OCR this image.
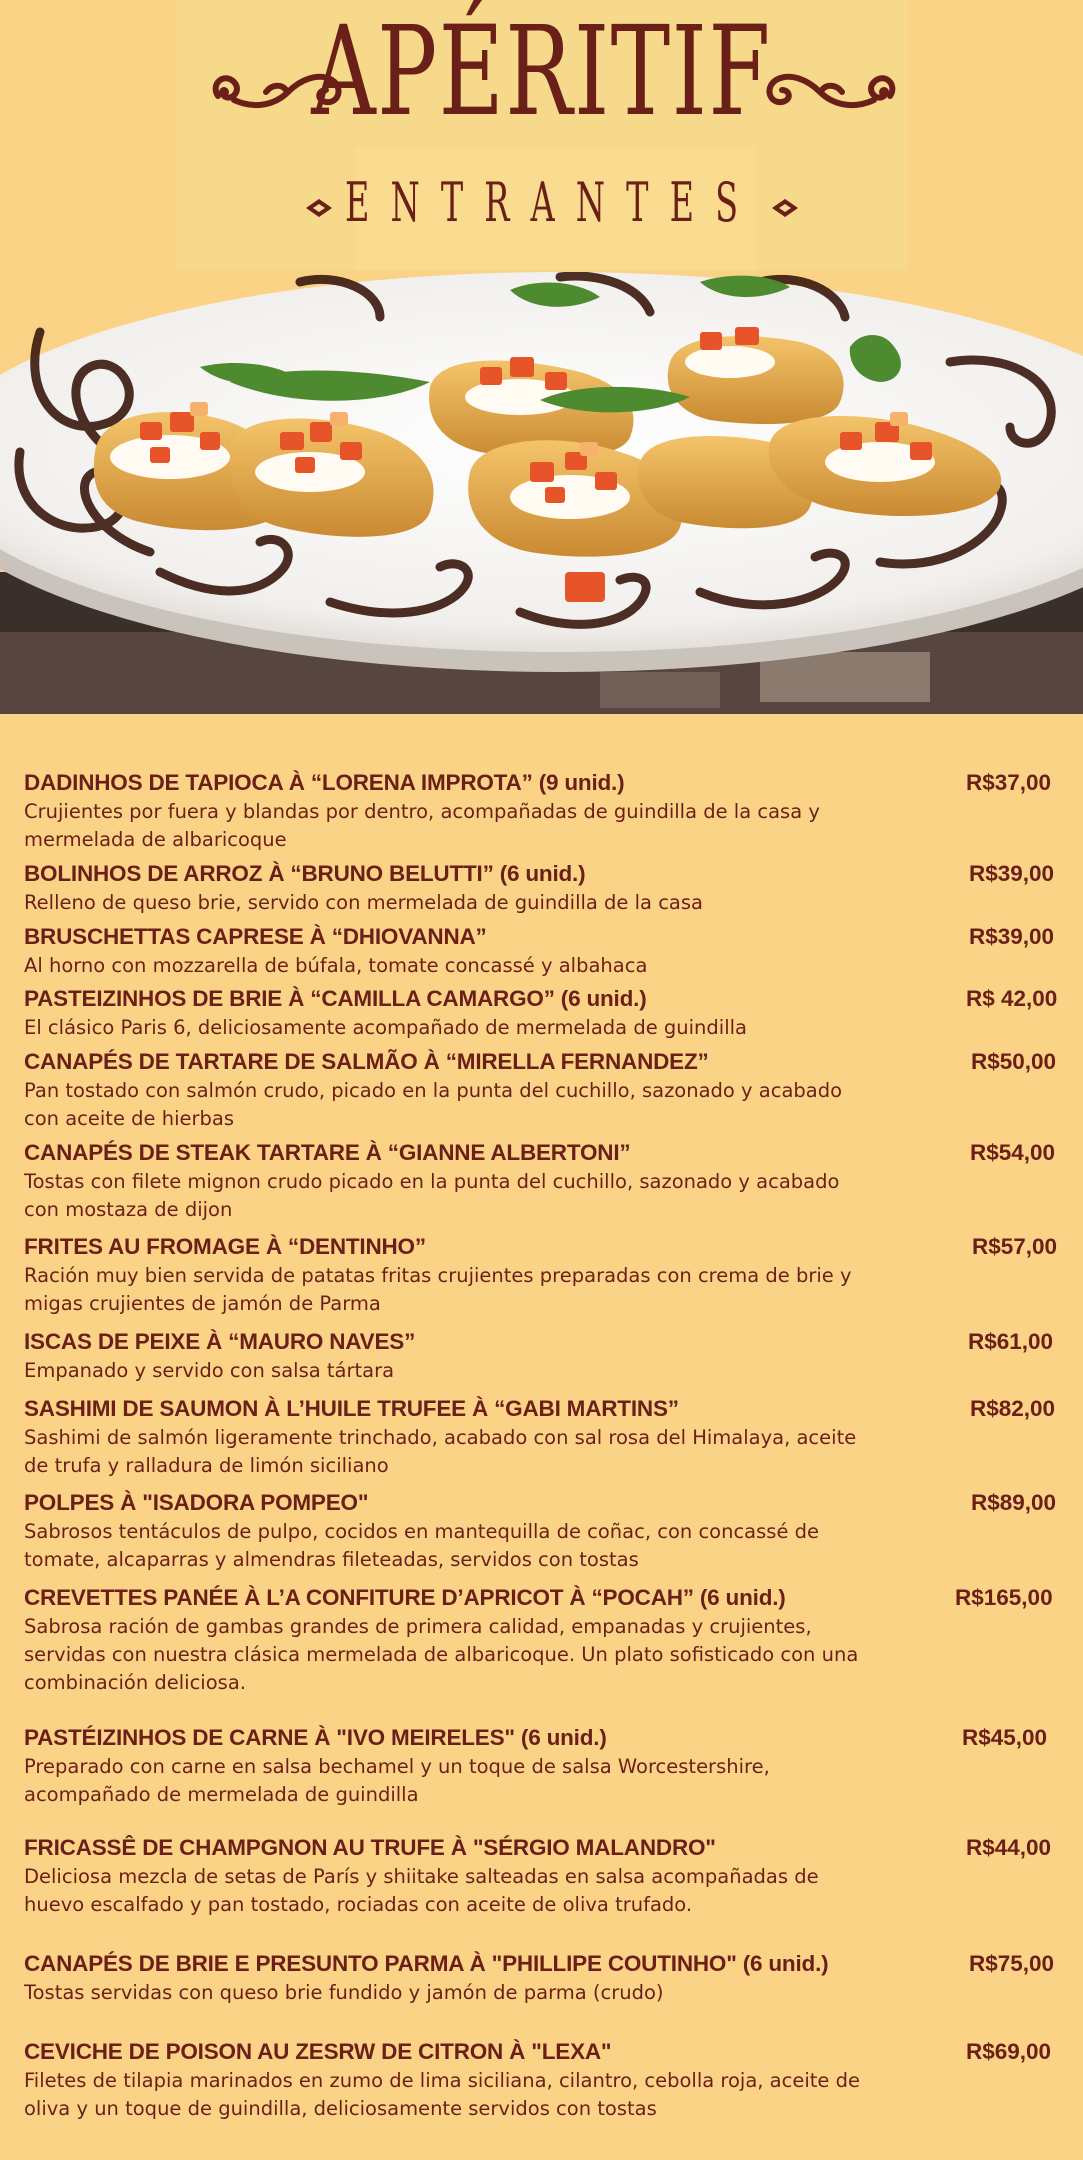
APÉRITIF
ENTRANTES
DADINHOS DE TAPIOCA À “LORENA IMPROTA” (9 unid.)
Crujientes por fuera y blandas por dentro, acompañadas de guindilla de la casa y mermelada de albaricoque
R$37,00
BOLINHOS DE ARROZ À “BRUNO BELUTTI” (6 unid.)
Relleno de queso brie, servido con mermelada de guindilla de la casa
R$39,00
BRUSCHETTAS CAPRESE À “DHIOVANNA”
Al horno con mozzarella de búfala, tomate concassé y albahaca
R$39,00
PASTEIZINHOS DE BRIE À “CAMILLA CAMARGO” (6 unid.)
El clásico Paris 6, deliciosamente acompañado de mermelada de guindilla
R$ 42,00
CANAPÉS DE TARTARE DE SALMÃO À “MIRELLA FERNANDEZ”
Pan tostado con salmón crudo, picado en la punta del cuchillo, sazonado y acabado con aceite de hierbas
R$50,00
CANAPÉS DE STEAK TARTARE À “GIANNE ALBERTONI”
Tostas con filete mignon crudo picado en la punta del cuchillo, sazonado y acabado con mostaza de dijon
R$54,00
FRITES AU FROMAGE À “DENTINHO”
Ración muy bien servida de patatas fritas crujientes preparadas con crema de brie y migas crujientes de jamón de Parma
R$57,00
ISCAS DE PEIXE À “MAURO NAVES”
Empanado y servido con salsa tártara
R$61,00
SASHIMI DE SAUMON À L’HUILE TRUFEE À “GABI MARTINS”
Sashimi de salmón ligeramente trinchado, acabado con sal rosa del Himalaya, aceite de trufa y ralladura de limón siciliano
R$82,00
POLPES À "ISADORA POMPEO"
Sabrosos tentáculos de pulpo, cocidos en mantequilla de coñac, con concassé de tomate, alcaparras y almendras fileteadas, servidos con tostas
R$89,00
CREVETTES PANÉE À L’A CONFITURE D’APRICOT À “POCAH” (6 unid.)
Sabrosa ración de gambas grandes de primera calidad, empanadas y crujientes, servidas con nuestra clásica mermelada de albaricoque. Un plato sofisticado con una combinación deliciosa.
R$165,00
PASTÉIZINHOS DE CARNE À "IVO MEIRELES" (6 unid.)
Preparado con carne en salsa bechamel y un toque de salsa Worcestershire, acompañado de mermelada de guindilla
R$45,00
FRICASSÊ DE CHAMPGNON AU TRUFE À "SÉRGIO MALANDRO"
Deliciosa mezcla de setas de París y shiitake salteadas en salsa acompañadas de huevo escalfado y pan tostado, rociadas con aceite de oliva trufado.
R$44,00
CANAPÉS DE BRIE E PRESUNTO PARMA À "PHILLIPE COUTINHO" (6 unid.)
Tostas servidas con queso brie fundido y jamón de parma (crudo)
R$75,00
CEVICHE DE POISON AU ZESRW DE CITRON À "LEXA"
Filetes de tilapia marinados en zumo de lima siciliana, cilantro, cebolla roja, aceite de oliva y un toque de guindilla, deliciosamente servidos con tostas
R$69,00
